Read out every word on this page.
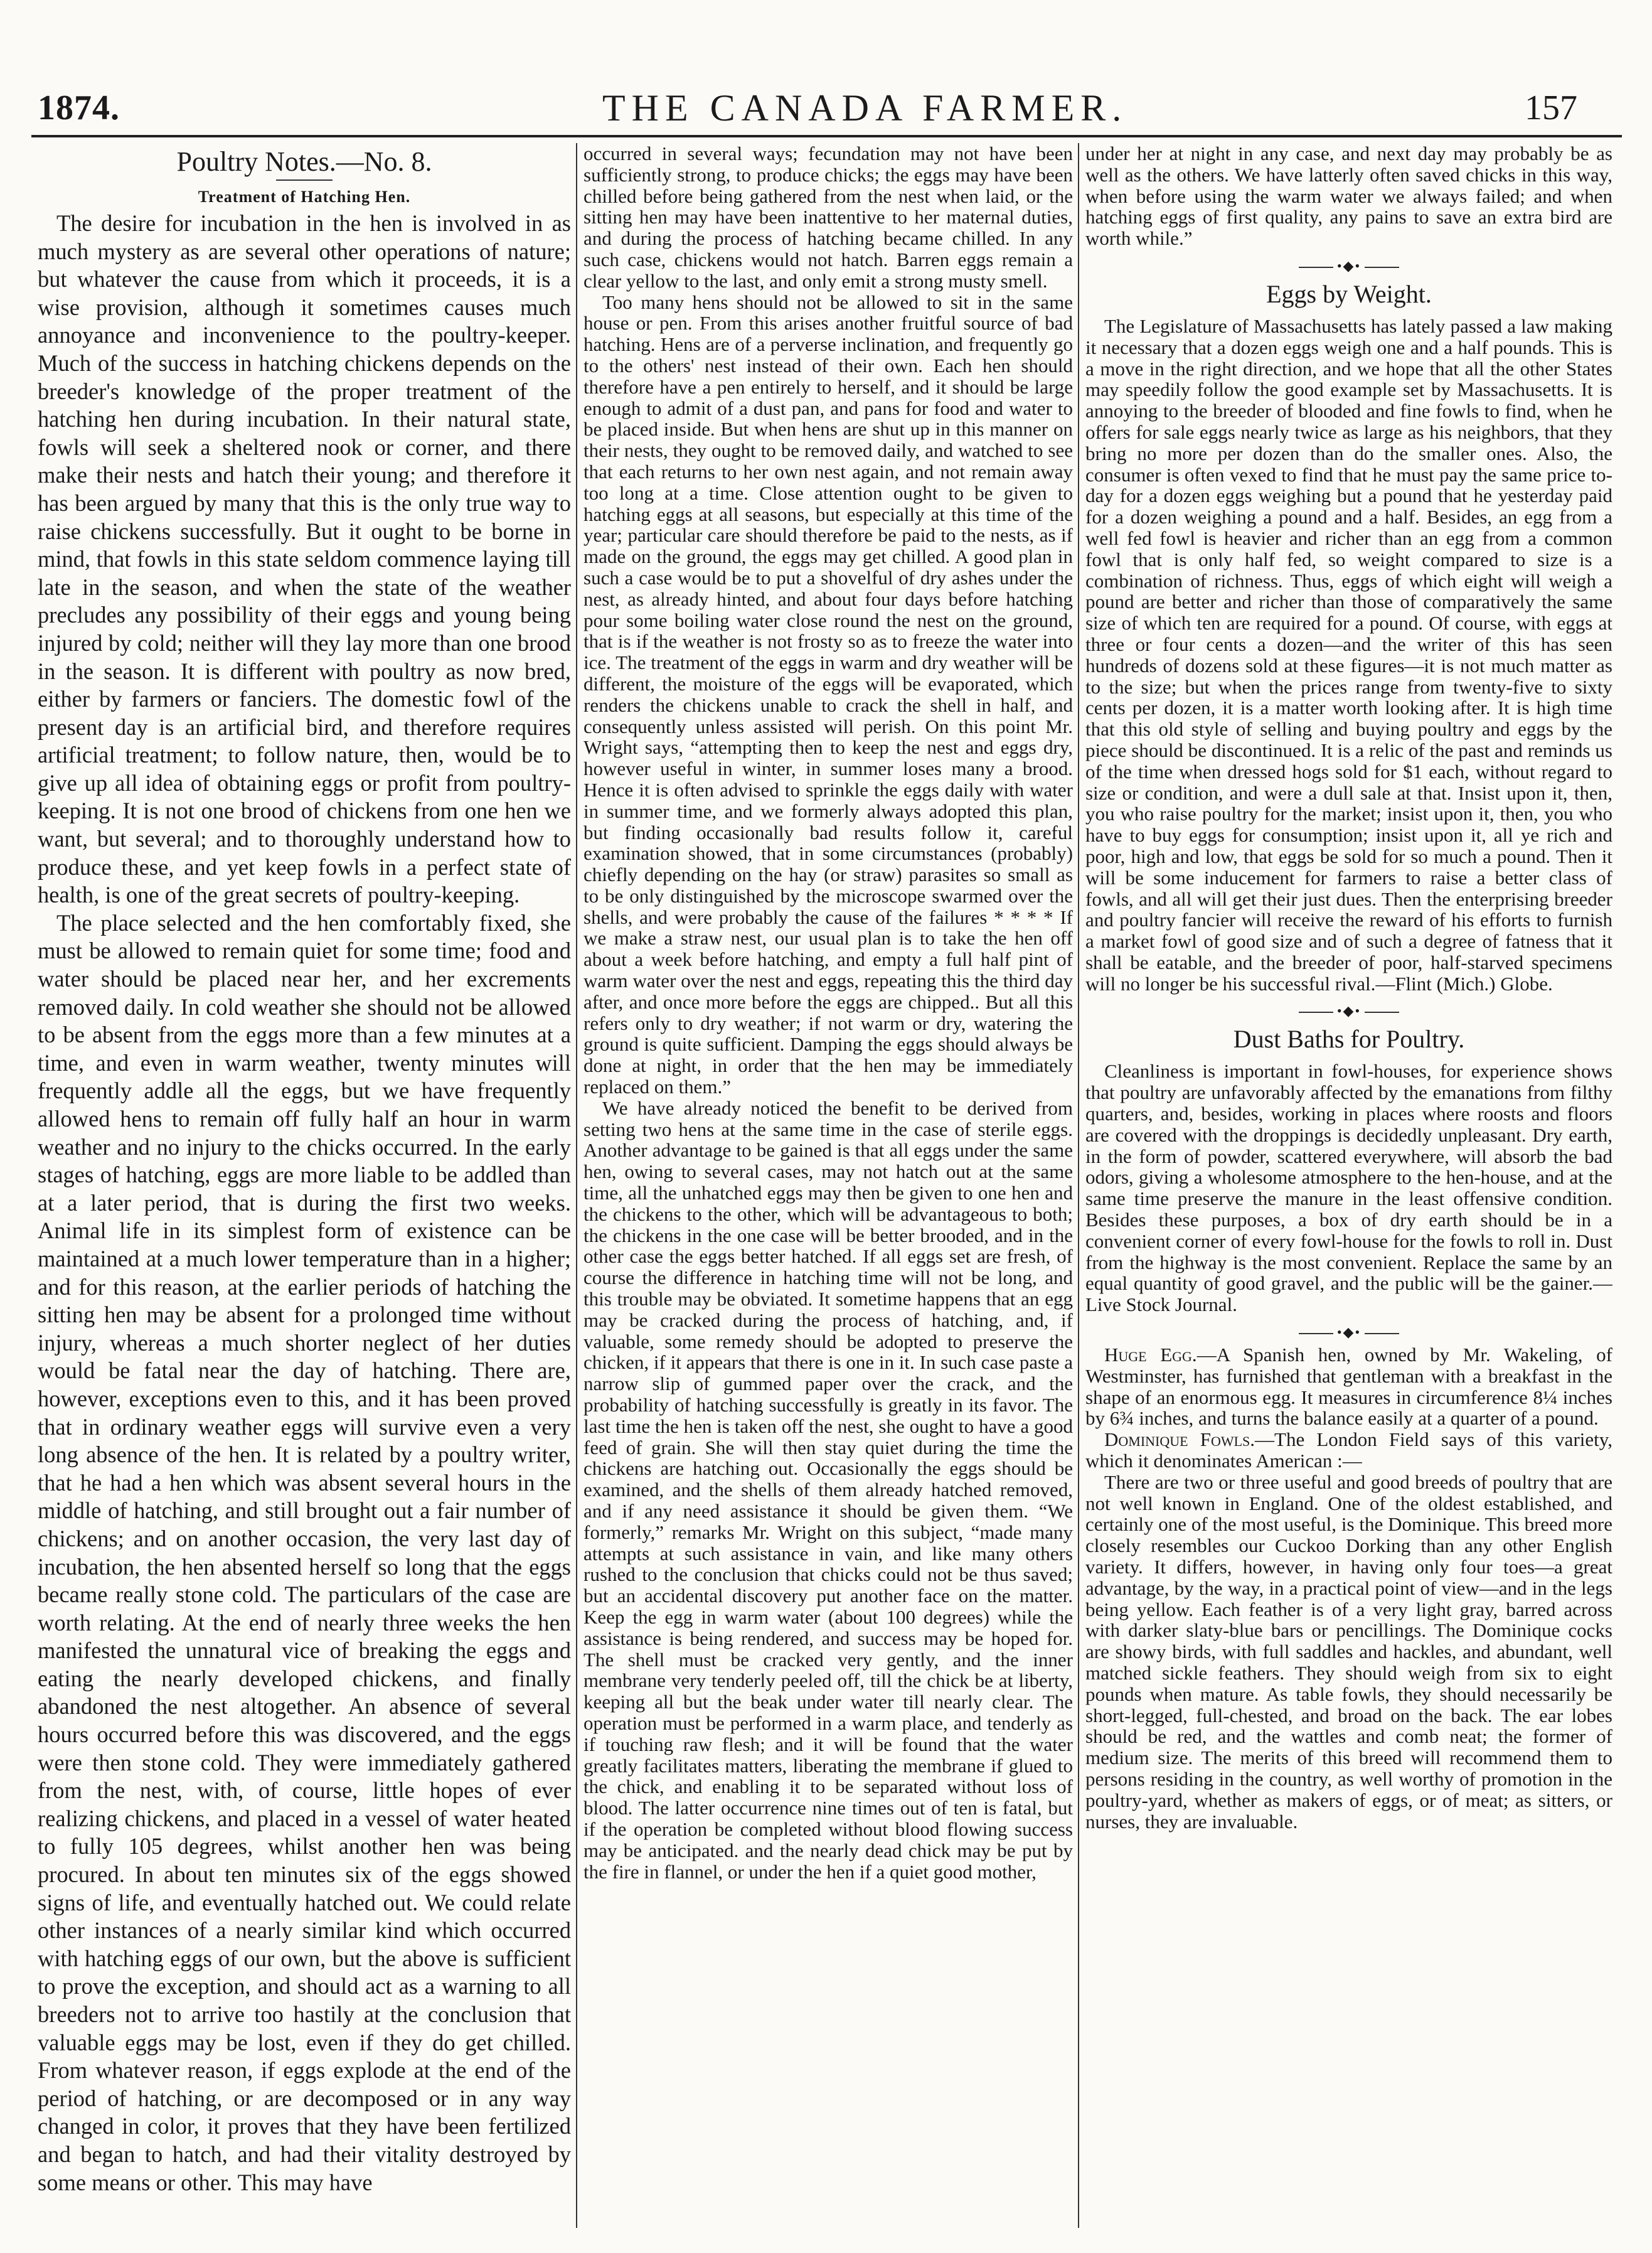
1874.	THE CANADA FARMER.	157
Poultry Notes.—No. 8.
Treatment of Hatching Hen.

The desire for incubation in the hen is involved in as much mystery as are several other operations of nature; but whatever the cause from which it proceeds, it is a wise provision, although it sometimes causes much annoyance and inconvenience to the poultry-keeper. Much of the success in hatching chickens depends on the breeder's knowledge of the proper treatment of the hatching hen during incubation. In their natural state, fowls will seek a sheltered nook or corner, and there make their nests and hatch their young; and therefore it has been argued by many that this is the only true way to raise chickens successfully. But it ought to be borne in mind, that fowls in this state seldom commence laying till late in the season, and when the state of the weather precludes any possibility of their eggs and young being injured by cold; neither will they lay more than one brood in the season. It is different with poultry as now bred, either by farmers or fanciers. The domestic fowl of the present day is an artificial bird, and therefore requires artificial treatment; to follow nature, then, would be to give up all idea of obtaining eggs or profit from poultry-keeping. It is not one brood of chickens from one hen we want, but several; and to thoroughly understand how to produce these, and yet keep fowls in a perfect state of health, is one of the great secrets of poultry-keeping.

The place selected and the hen comfortably fixed, she must be allowed to remain quiet for some time; food and water should be placed near her, and her excrements removed daily. In cold weather she should not be allowed to be absent from the eggs more than a few minutes at a time, and even in warm weather, twenty minutes will frequently addle all the eggs, but we have frequently allowed hens to remain off fully half an hour in warm weather and no injury to the chicks occurred. In the early stages of hatching, eggs are more liable to be addled than at a later period, that is during the first two weeks. Animal life in its simplest form of existence can be maintained at a much lower temperature than in a higher; and for this reason, at the earlier periods of hatching the sitting hen may be absent for a prolonged time without injury, whereas a much shorter neglect of her duties would be fatal near the day of hatching. There are, however, exceptions even to this, and it has been proved that in ordinary weather eggs will survive even a very long absence of the hen. It is related by a poultry writer, that he had a hen which was absent several hours in the middle of hatching, and still brought out a fair number of chickens; and on another occasion, the very last day of incubation, the hen absented herself so long that the eggs became really stone cold. The particulars of the case are worth relating. At the end of nearly three weeks the hen manifested the unnatural vice of breaking the eggs and eating the nearly developed chickens, and finally abandoned the nest altogether. An absence of several hours occurred before this was discovered, and the eggs were then stone cold. They were immediately gathered from the nest, with, of course, little hopes of ever realizing chickens, and placed in a vessel of water heated to fully 105 degrees, whilst another hen was being procured. In about ten minutes six of the eggs showed signs of life, and eventually hatched out. We could relate other instances of a nearly similar kind which occurred with hatching eggs of our own, but the above is sufficient to prove the exception, and should act as a warning to all breeders not to arrive too hastily at the conclusion that valuable eggs may be lost, even if they do get chilled. From whatever reason, if eggs explode at the end of the period of hatching, or are decomposed or in any way changed in color, it proves that they have been fertilized and began to hatch, and had their vitality destroyed by some means or other. This may have

occurred in several ways; fecundation may not have been sufficiently strong, to produce chicks; the eggs may have been chilled before being gathered from the nest when laid, or the sitting hen may have been inattentive to her maternal duties, and during the process of hatching became chilled. In any such case, chickens would not hatch. Barren eggs remain a clear yellow to the last, and only emit a strong musty smell.

Too many hens should not be allowed to sit in the same house or pen. From this arises another fruitful source of bad hatching. Hens are of a perverse inclination, and frequently go to the others' nest instead of their own. Each hen should therefore have a pen entirely to herself, and it should be large enough to admit of a dust pan, and pans for food and water to be placed inside. But when hens are shut up in this manner on their nests, they ought to be removed daily, and watched to see that each returns to her own nest again, and not remain away too long at a time. Close attention ought to be given to hatching eggs at all seasons, but especially at this time of the year; particular care should therefore be paid to the nests, as if made on the ground, the eggs may get chilled. A good plan in such a case would be to put a shovelful of dry ashes under the nest, as already hinted, and about four days before hatching pour some boiling water close round the nest on the ground, that is if the weather is not frosty so as to freeze the water into ice. The treatment of the eggs in warm and dry weather will be different, the moisture of the eggs will be evaporated, which renders the chickens unable to crack the shell in half, and consequently unless assisted will perish. On this point Mr. Wright says, “attempting then to keep the nest and eggs dry, however useful in winter, in summer loses many a brood. Hence it is often advised to sprinkle the eggs daily with water in summer time, and we formerly always adopted this plan, but finding occasionally bad results follow it, careful examination showed, that in some circumstances (probably) chiefly depending on the hay (or straw) parasites so small as to be only distinguished by the microscope swarmed over the shells, and were probably the cause of the failures * * * * If we make a straw nest, our usual plan is to take the hen off about a week before hatching, and empty a full half pint of warm water over the nest and eggs, repeating this the third day after, and once more before the eggs are chipped.. But all this refers only to dry weather; if not warm or dry, watering the ground is quite sufficient. Damping the eggs should always be done at night, in order that the hen may be immediately replaced on them.”

We have already noticed the benefit to be derived from setting two hens at the same time in the case of sterile eggs. Another advantage to be gained is that all eggs under the same hen, owing to several cases, may not hatch out at the same time, all the unhatched eggs may then be given to one hen and the chickens to the other, which will be advantageous to both; the chickens in the one case will be better brooded, and in the other case the eggs better hatched. If all eggs set are fresh, of course the difference in hatching time will not be long, and this trouble may be obviated. It sometime happens that an egg may be cracked during the process of hatching, and, if valuable, some remedy should be adopted to preserve the chicken, if it appears that there is one in it. In such case paste a narrow slip of gummed paper over the crack, and the probability of hatching successfully is greatly in its favor. The last time the hen is taken off the nest, she ought to have a good feed of grain. She will then stay quiet during the time the chickens are hatching out. Occasionally the eggs should be examined, and the shells of them already hatched removed, and if any need assistance it should be given them. “We formerly,” remarks Mr. Wright on this subject, “made many attempts at such assistance in vain, and like many others rushed to the conclusion that chicks could not be thus saved; but an accidental discovery put another face on the matter. Keep the egg in warm water (about 100 degrees) while the assistance is being rendered, and success may be hoped for. The shell must be cracked very gently, and the inner membrane very tenderly peeled off, till the chick be at liberty, keeping all but the beak under water till nearly clear. The operation must be performed in a warm place, and tenderly as if touching raw flesh; and it will be found that the water greatly facilitates matters, liberating the membrane if glued to the chick, and enabling it to be separated without loss of blood. The latter occurrence nine times out of ten is fatal, but if the operation be completed without blood flowing success may be anticipated. and the nearly dead chick may be put by the fire in flannel, or under the hen if a quiet good mother,

under her at night in any case, and next day may probably be as well as the others. We have latterly often saved chicks in this way, when before using the warm water we always failed; and when hatching eggs of first quality, any pains to save an extra bird are worth while.”

•◆•
Eggs by Weight.

The Legislature of Massachusetts has lately passed a law making it necessary that a dozen eggs weigh one and a half pounds. This is a move in the right direction, and we hope that all the other States may speedily follow the good example set by Massachusetts. It is annoying to the breeder of blooded and fine fowls to find, when he offers for sale eggs nearly twice as large as his neighbors, that they bring no more per dozen than do the smaller ones. Also, the consumer is often vexed to find that he must pay the same price to-day for a dozen eggs weighing but a pound that he yesterday paid for a dozen weighing a pound and a half. Besides, an egg from a well fed fowl is heavier and richer than an egg from a common fowl that is only half fed, so weight compared to size is a combination of richness. Thus, eggs of which eight will weigh a pound are better and richer than those of comparatively the same size of which ten are required for a pound. Of course, with eggs at three or four cents a dozen—and the writer of this has seen hundreds of dozens sold at these figures—it is not much matter as to the size; but when the prices range from twenty-five to sixty cents per dozen, it is a matter worth looking after. It is high time that this old style of selling and buying poultry and eggs by the piece should be discontinued. It is a relic of the past and reminds us of the time when dressed hogs sold for $1 each, without regard to size or condition, and were a dull sale at that. Insist upon it, then, you who raise poultry for the market; insist upon it, then, you who have to buy eggs for consumption; insist upon it, all ye rich and poor, high and low, that eggs be sold for so much a pound. Then it will be some inducement for farmers to raise a better class of fowls, and all will get their just dues. Then the enterprising breeder and poultry fancier will receive the reward of his efforts to furnish a market fowl of good size and of such a degree of fatness that it shall be eatable, and the breeder of poor, half-starved specimens will no longer be his successful rival.—Flint (Mich.) Globe.

•◆•
Dust Baths for Poultry.

Cleanliness is important in fowl-houses, for experience shows that poultry are unfavorably affected by the emanations from filthy quarters, and, besides, working in places where roosts and floors are covered with the droppings is decidedly unpleasant. Dry earth, in the form of powder, scattered everywhere, will absorb the bad odors, giving a wholesome atmosphere to the hen-house, and at the same time preserve the manure in the least offensive condition. Besides these purposes, a box of dry earth should be in a convenient corner of every fowl-house for the fowls to roll in. Dust from the highway is the most convenient. Replace the same by an equal quantity of good gravel, and the public will be the gainer.—Live Stock Journal.

•◆•

Huge Egg.—A Spanish hen, owned by Mr. Wakeling, of Westminster, has furnished that gentleman with a breakfast in the shape of an enormous egg. It measures in circumference 8¼ inches by 6¾ inches, and turns the balance easily at a quarter of a pound.

Dominique Fowls.—The London Field says of this variety, which it denominates American :—

There are two or three useful and good breeds of poultry that are not well known in England. One of the oldest established, and certainly one of the most useful, is the Dominique. This breed more closely resembles our Cuckoo Dorking than any other English variety. It differs, however, in having only four toes—a great advantage, by the way, in a practical point of view—and in the legs being yellow. Each feather is of a very light gray, barred across with darker slaty-blue bars or pencillings. The Dominique cocks are showy birds, with full saddles and hackles, and abundant, well matched sickle feathers. They should weigh from six to eight pounds when mature. As table fowls, they should necessarily be short-legged, full-chested, and broad on the back. The ear lobes should be red, and the wattles and comb neat; the former of medium size. The merits of this breed will recommend them to persons residing in the country, as well worthy of promotion in the poultry-yard, whether as makers of eggs, or of meat; as sitters, or nurses, they are invaluable.
